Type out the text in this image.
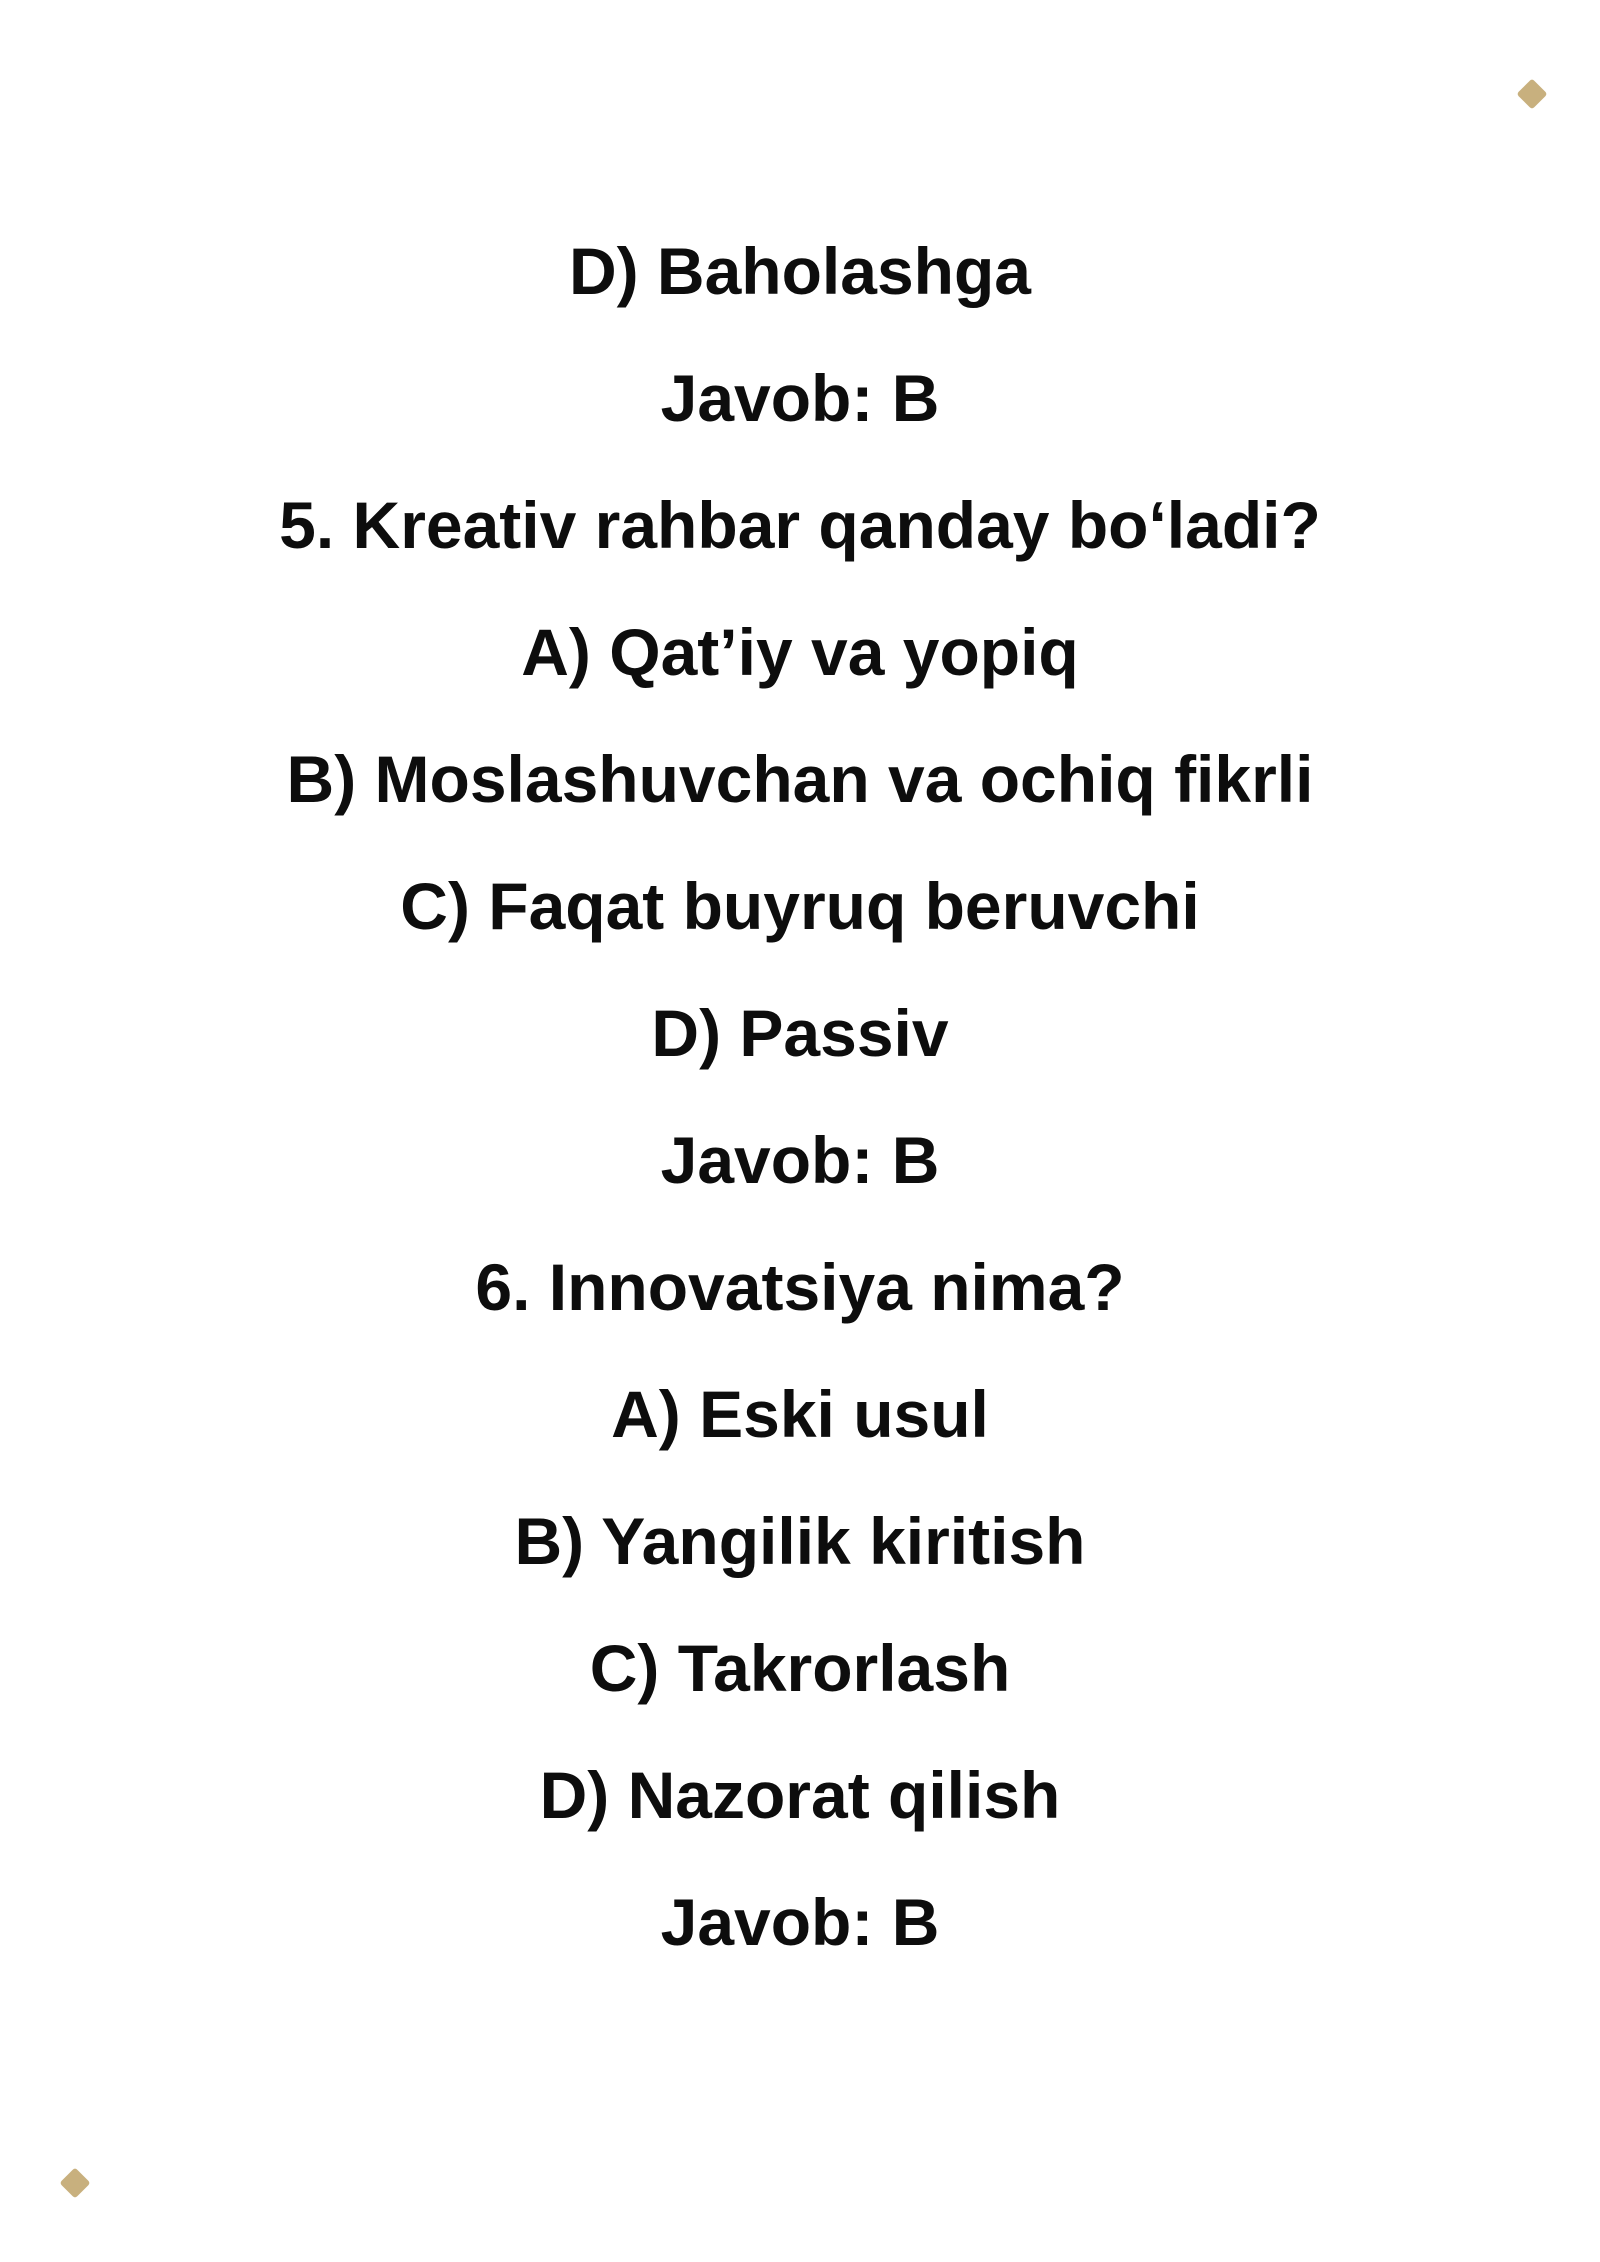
D) Baholashga
Javob: B
5. Kreativ rahbar qanday bo‘ladi?
A) Qat’iy va yopiq
B) Moslashuvchan va ochiq fikrli
C) Faqat buyruq beruvchi
D) Passiv
Javob: B
6. Innovatsiya nima?
A) Eski usul
B) Yangilik kiritish
C) Takrorlash
D) Nazorat qilish
Javob: B
